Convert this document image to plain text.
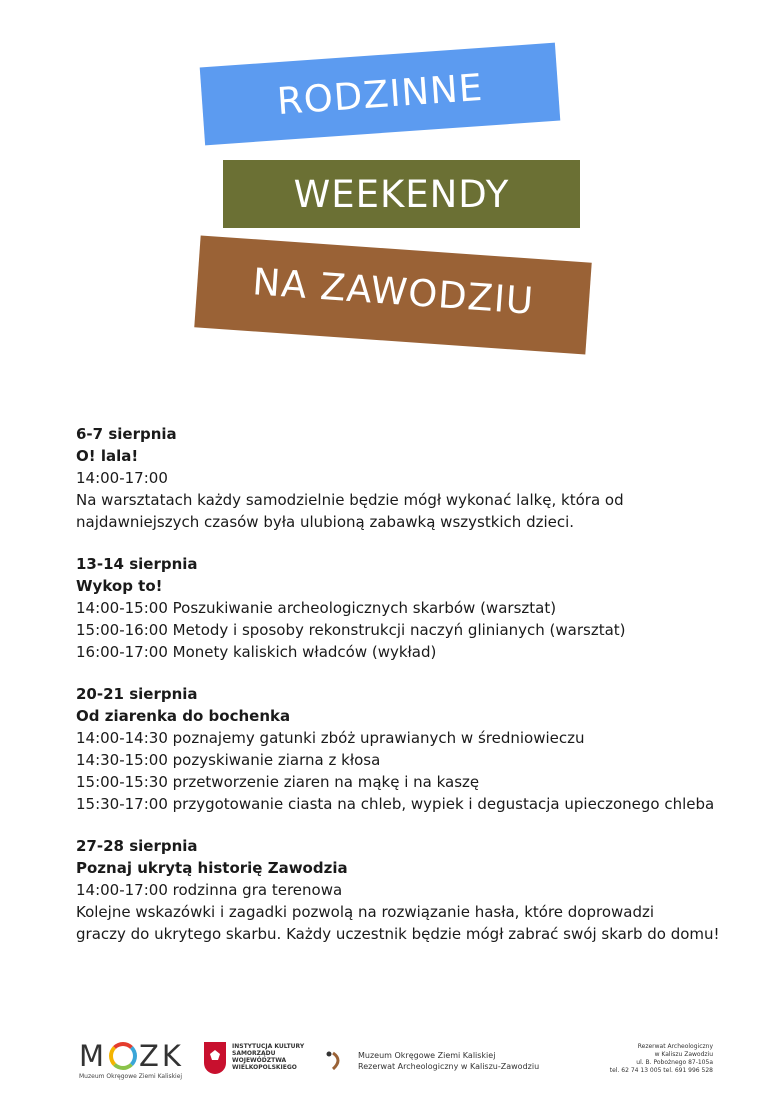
RODZINNE
WEEKENDY
NA ZAWODZIU
6-7 sierpnia
O! lala!
14:00-17:00
Na warsztatach każdy samodzielnie będzie mógł wykonać lalkę, która od
najdawniejszych czasów była ulubioną zabawką wszystkich dzieci.
13-14 sierpnia
Wykop to!
14:00-15:00 Poszukiwanie archeologicznych skarbów (warsztat)
15:00-16:00 Metody i sposoby rekonstrukcji naczyń glinianych (warsztat)
16:00-17:00 Monety kaliskich władców (wykład)
20-21 sierpnia
Od ziarenka do bochenka
14:00-14:30 poznajemy gatunki zbóż uprawianych w średniowieczu
14:30-15:00 pozyskiwanie ziarna z kłosa
15:00-15:30 przetworzenie ziaren na mąkę i na kaszę
15:30-17:00 przygotowanie ciasta na chleb, wypiek i degustacja upieczonego chleba
27-28 sierpnia
Poznaj ukrytą historię Zawodzia
14:00-17:00 rodzinna gra terenowa
Kolejne wskazówki i zagadki pozwolą na rozwiązanie hasła, które doprowadzi
graczy do ukrytego skarbu. Każdy uczestnik będzie mógł zabrać swój skarb do domu!
M ZK
Muzeum Okręgowe Ziemi Kaliskiej
INSTYTUCJA KULTURY
SAMORZĄDU WOJEWÓDZTWA
WIELKOPOLSKIEGO
Muzeum Okręgowe Ziemi Kaliskiej
Rezerwat Archeologiczny w Kaliszu-Zawodziu
Rezerwat Archeologiczny
w Kaliszu Zawodziu
ul. B. Pobożnego 87-105a
tel. 62 74 13 005 tel. 691 996 528
